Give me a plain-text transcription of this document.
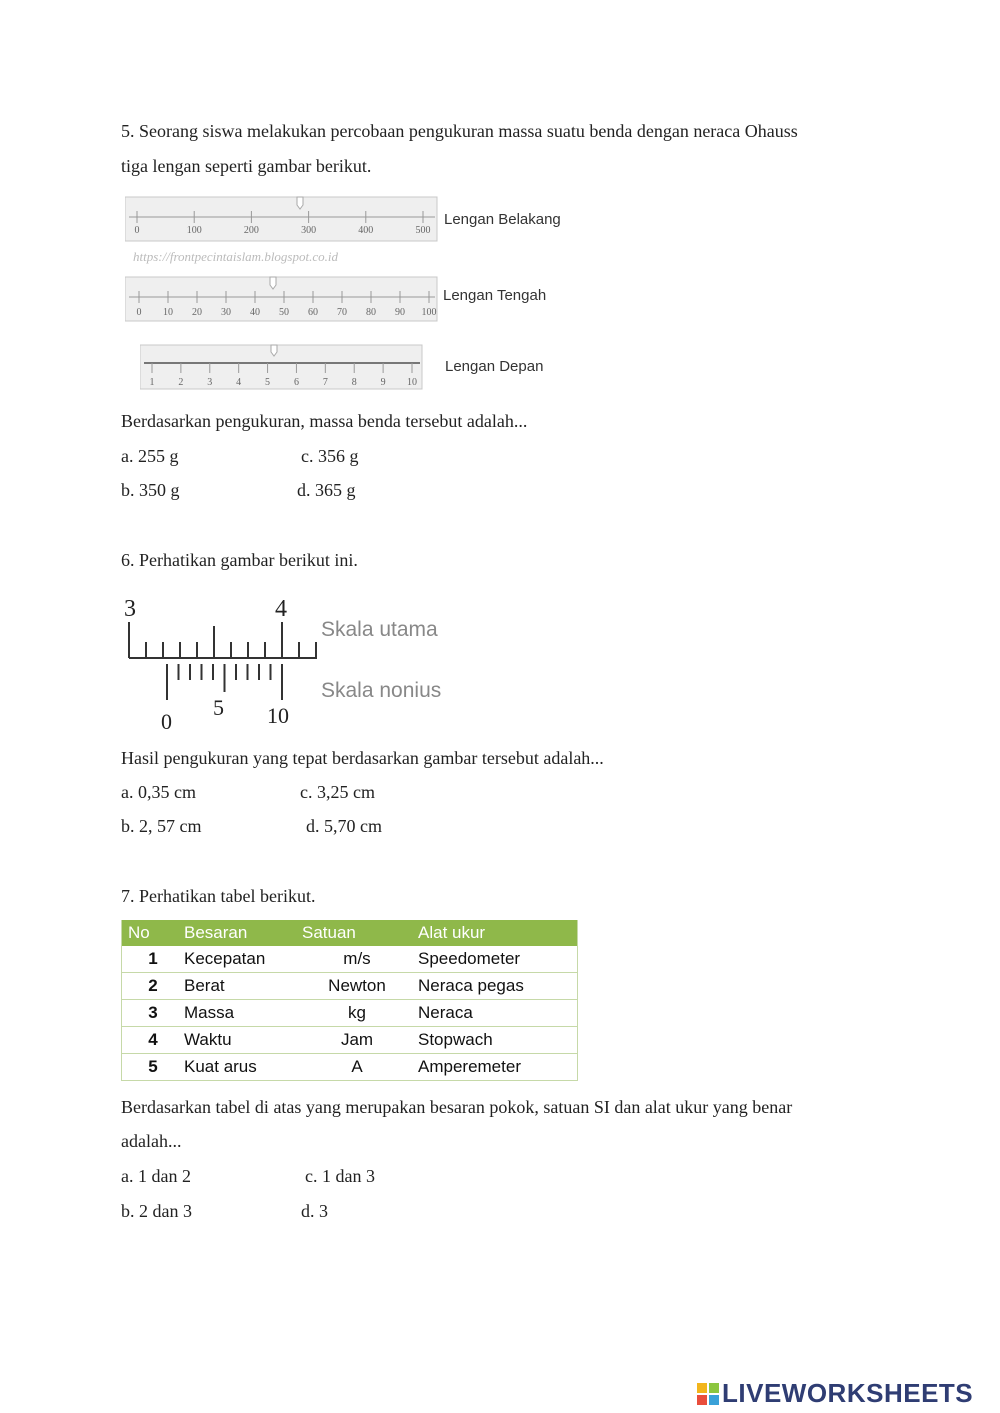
5. Seorang siswa melakukan percobaan pengukuran massa suatu benda dengan neraca Ohauss
tiga lengan seperti gambar berikut.
0	100	200	300	400	500
Lengan Belakang
https://frontpecintaislam.blogspot.co.id
0 10 20 30 40 50 60 70 80 90 100
Lengan Tengah
1 2 3 4 5 6 7 8 9 10
Lengan Depan
Berdasarkan pengukuran, massa benda tersebut adalah...
a. 255 g	c. 356 g
b. 350 g	d. 365 g
6. Perhatikan gambar berikut ini.
3	4
0
5 10
Skala utama
Skala nonius
Hasil pengukuran yang tepat berdasarkan gambar tersebut adalah...
a. 0,35 cm	c. 3,25 cm
b. 2, 57 cm	d. 5,70 cm
7. Perhatikan tabel berikut.
No	Besaran	Satuan	Alat ukur
1	Kecepatan	m/s	Speedometer
2	Berat	Newton	Neraca pegas
3	Massa	kg	Neraca
4	Waktu	Jam	Stopwach
5	Kuat arus	A	Amperemeter
Berdasarkan tabel di atas yang merupakan besaran pokok, satuan SI dan alat ukur yang benar
adalah...
a. 1 dan 2	c. 1 dan 3
b. 2 dan 3	d. 3
LIVEWORKSHEETS
